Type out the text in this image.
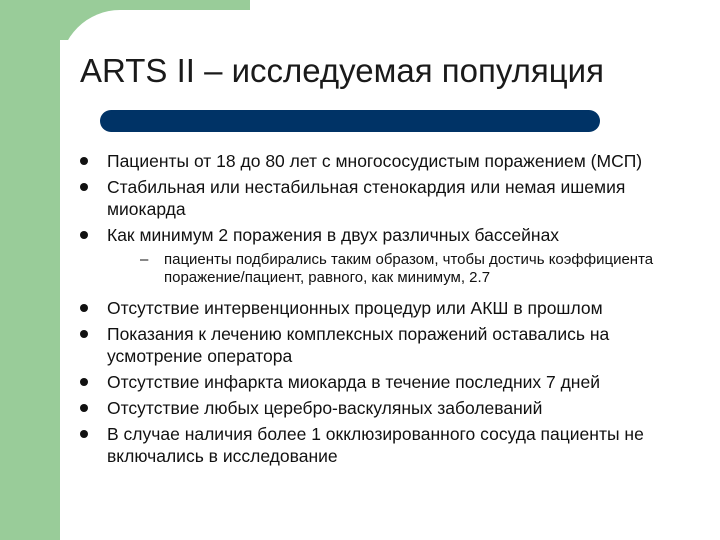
ARTS II – исследуемая популяция
Пациенты от 18 до 80 лет с многососудистым поражением (МСП)
Стабильная или нестабильная стенокардия или немая ишемия миокарда
Как минимум 2 поражения в двух различных бассейнах
– пациенты подбирались таким образом, чтобы достичь коэффициента поражение/пациент, равного, как минимум, 2.7
Отсутствие интервенционных процедур или АКШ в прошлом
Показания к лечению комплексных поражений оставались на усмотрение оператора
Отсутствие инфаркта миокарда в течение последних 7 дней
Отсутствие любых церебро-васкуляных заболеваний
В случае наличия более 1 окклюзированного сосуда пациенты не включались в исследование
